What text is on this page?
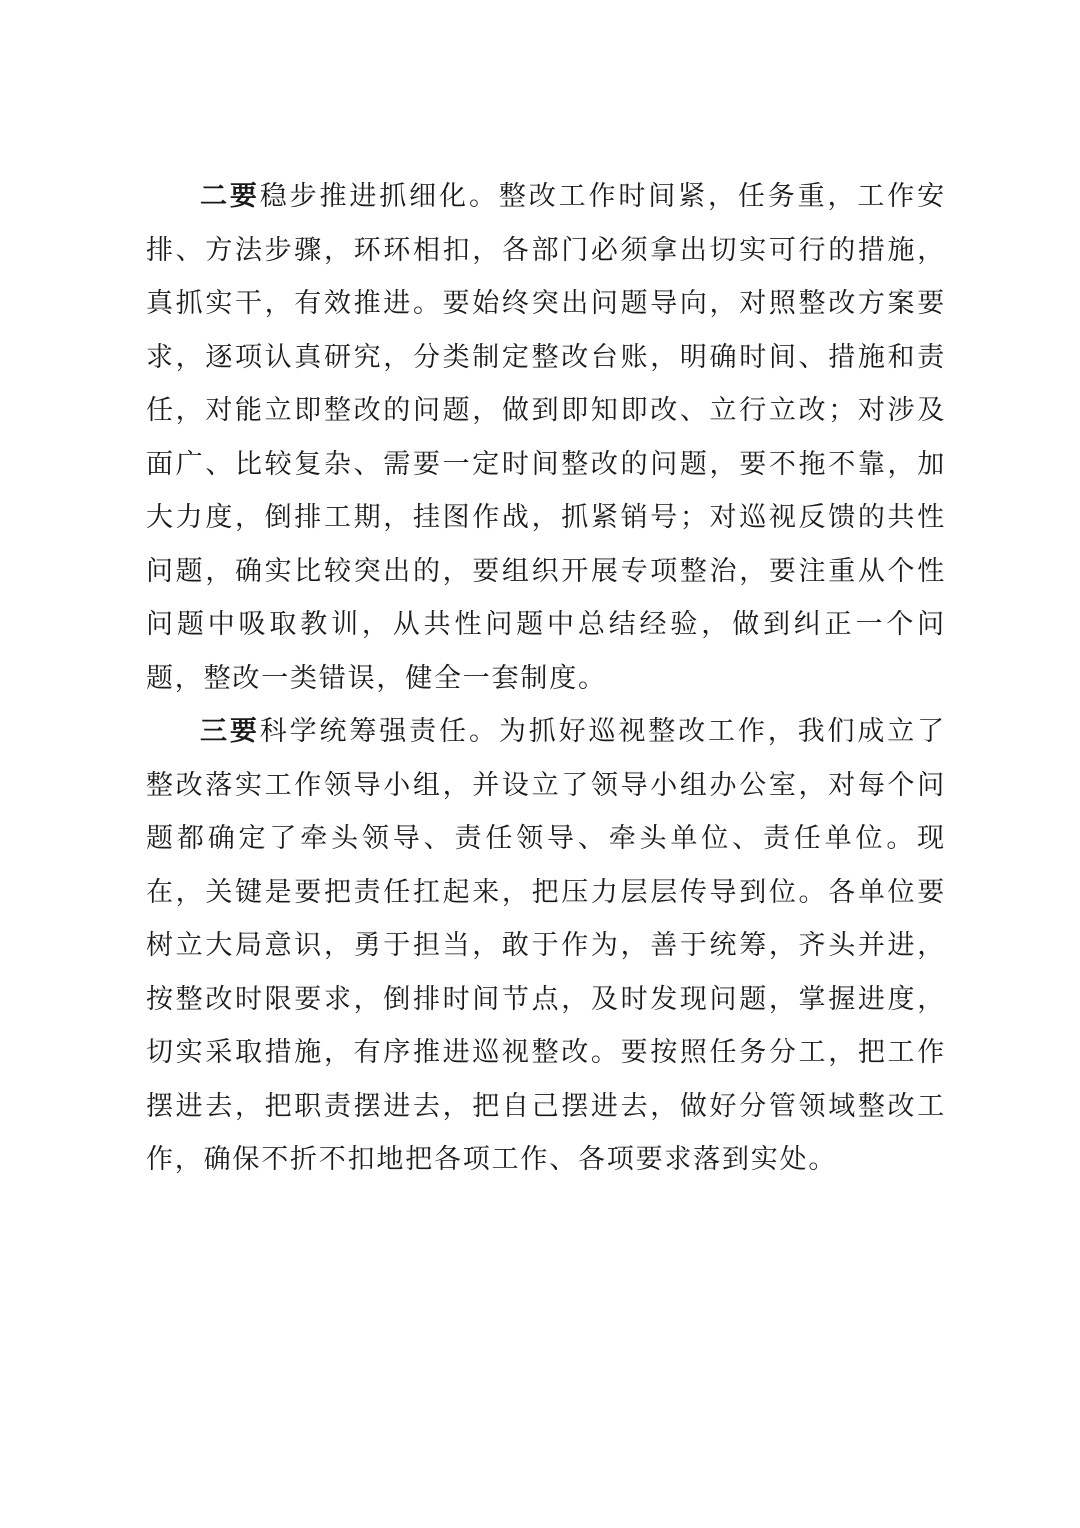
二要稳步推进抓细化。整改工作时间紧，任务重，工作安排、方法步骤，环环相扣，各部门必须拿出切实可行的措施，真抓实干，有效推进。要始终突出问题导向，对照整改方案要求，逐项认真研究，分类制定整改台账，明确时间、措施和责任，对能立即整改的问题，做到即知即改、立行立改；对涉及面广、比较复杂、需要一定时间整改的问题，要不拖不靠，加大力度，倒排工期，挂图作战，抓紧销号；对巡视反馈的共性问题，确实比较突出的，要组织开展专项整治，要注重从个性问题中吸取教训，从共性问题中总结经验，做到纠正一个问题，整改一类错误，健全一套制度。

三要科学统筹强责任。为抓好巡视整改工作，我们成立了整改落实工作领导小组，并设立了领导小组办公室，对每个问题都确定了牵头领导、责任领导、牵头单位、责任单位。现在，关键是要把责任扛起来，把压力层层传导到位。各单位要树立大局意识，勇于担当，敢于作为，善于统筹，齐头并进，按整改时限要求，倒排时间节点，及时发现问题，掌握进度，切实采取措施，有序推进巡视整改。要按照任务分工，把工作摆进去，把职责摆进去，把自己摆进去，做好分管领域整改工作，确保不折不扣地把各项工作、各项要求落到实处。
